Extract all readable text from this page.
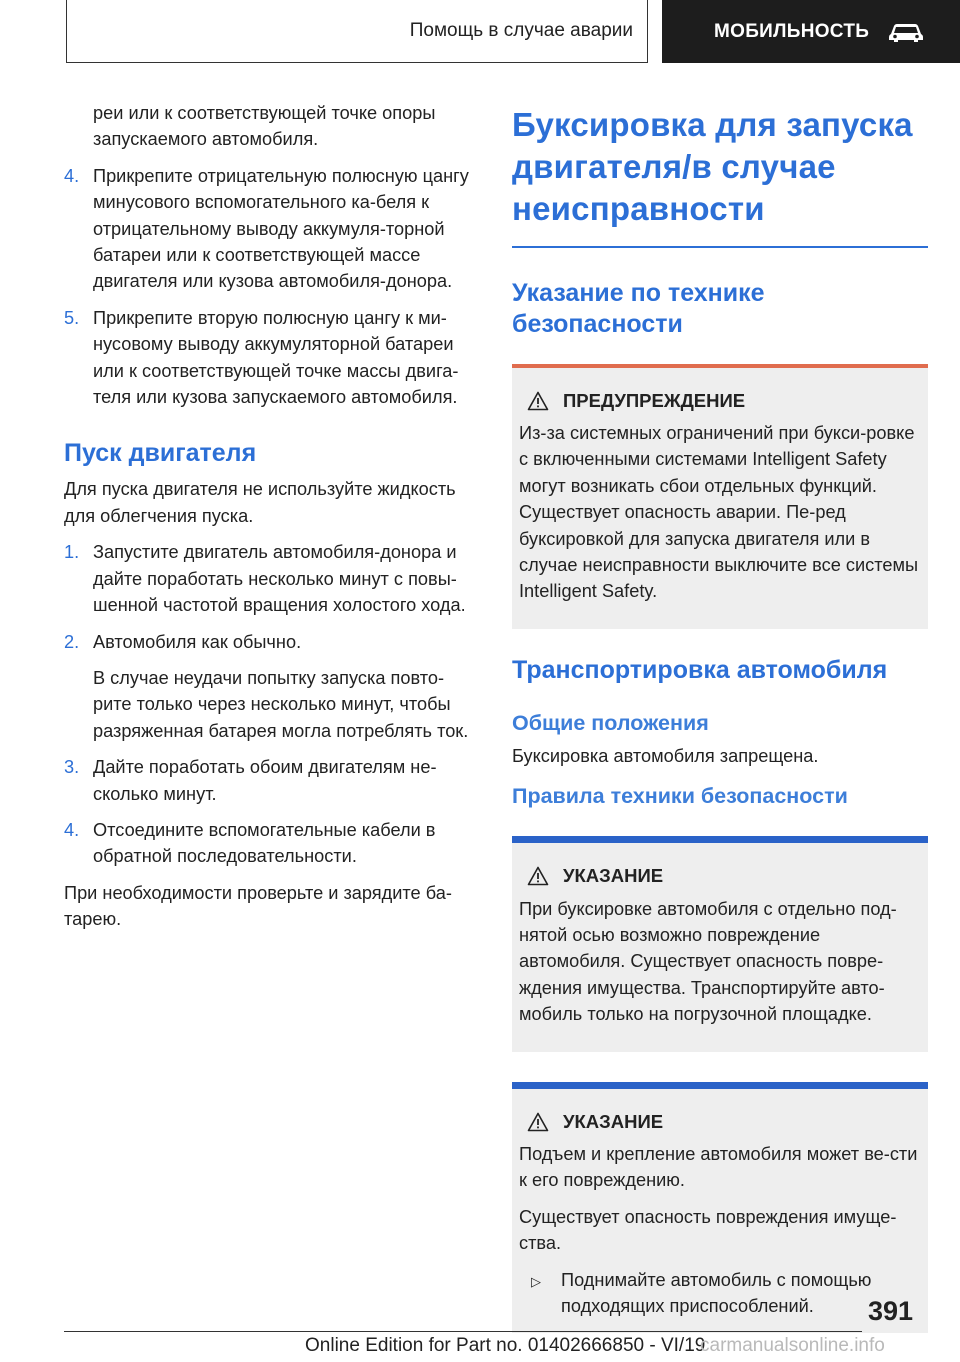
Помощь в случае аварии	МОБИЛЬНОСТЬ

реи или к соответствующей точке опоры запускаемого автомобиля.

4. Прикрепите отрицательную полюсную цангу минусового вспомогательного ка-беля к отрицательному выводу аккумуля-торной батареи или к соответствующей массе двигателя или кузова автомобиля-донора.

5. Прикрепите вторую полюсную цангу к ми-нусовому выводу аккумуляторной батареи или к соответствующей точке массы двига-теля или кузова запускаемого автомобиля.

Пуск двигателя

Для пуска двигателя не используйте жидкость для облегчения пуска.

1. Запустите двигатель автомобиля-донора и дайте поработать несколько минут с повы-шенной частотой вращения холостого хода.

2. Автомобиля как обычно.

В случае неудачи попытку запуска повто-рите только через несколько минут, чтобы разряженная батарея могла потреблять ток.

3. Дайте поработать обоим двигателям не-сколько минут.

4. Отсоедините вспомогательные кабели в обратной последовательности.

При необходимости проверьте и зарядите ба-тарею.

Буксировка для запуска двигателя/в случае неисправности
Указание по технике безопасности
ПРЕДУПРЕЖДЕНИЕ

Из-за системных ограничений при букси-ровке с включенными системами Intelligent Safety могут возникать сбои отдельных функций. Существует опасность аварии. Пе-ред буксировкой для запуска двигателя или в случае неисправности выключите все системы Intelligent Safety.

Транспортировка автомобиля
Общие положения

Буксировка автомобиля запрещена.

Правила техники безопасности
УКАЗАНИЕ

При буксировке автомобиля с отдельно под-нятой осью возможно повреждение автомобиля. Существует опасность повре-ждения имущества. Транспортируйте авто-мобиль только на погрузочной площадке.

УКАЗАНИЕ

Подъем и крепление автомобиля может ве-сти к его повреждению.

Существует опасность повреждения имуще-ства.

▷	Поднимайте автомобиль с помощью подходящих приспособлений.	391
Online Edition for Part no. 01402666850 - VI/19
carmanualsonline.info
